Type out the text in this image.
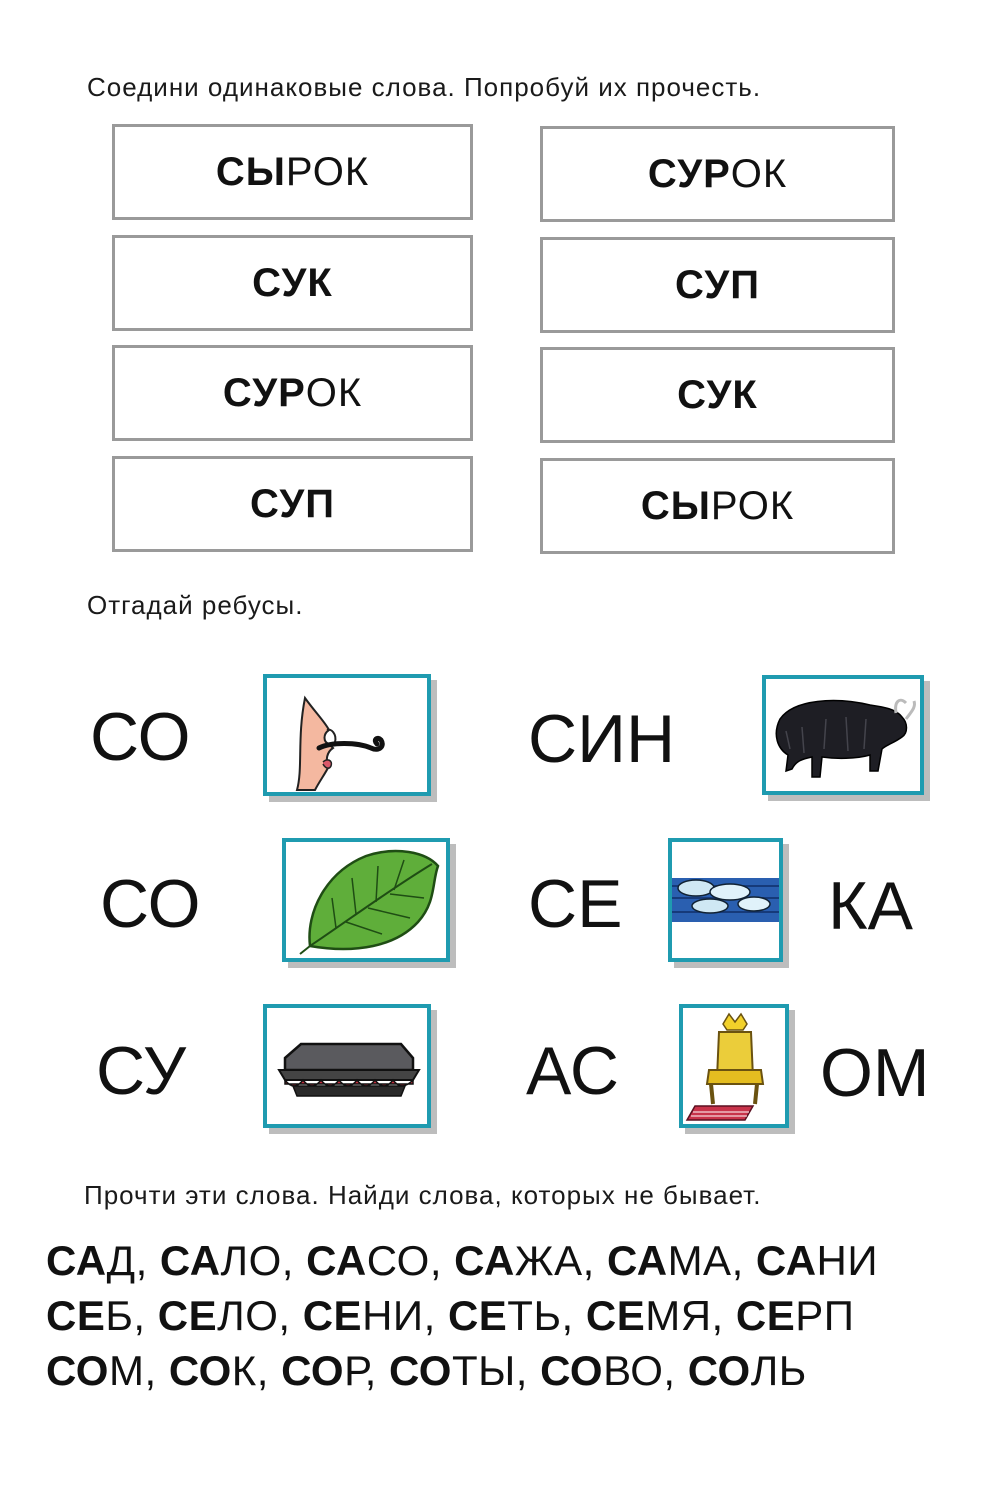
Соедини одинаковые слова. Попробуй их прочесть.
СЫ РОК
СУК
СУР ОК
СУП
СУР ОК
СУП
СУК
СЫ РОК
Отгадай ребусы.
СО	СИН
СО	СЕ	КА
СУ	АС	ОМ
Прочти эти слова. Найди слова, которых не бывает.
САД, САЛО, САСО, САЖА, САМА, САНИ
СЕБ, СЕЛО, СЕНИ, СЕТЬ, СЕМЯ, СЕРП
СОМ, СОК, СОР, СОТЫ, СОВО, СОЛЬ
